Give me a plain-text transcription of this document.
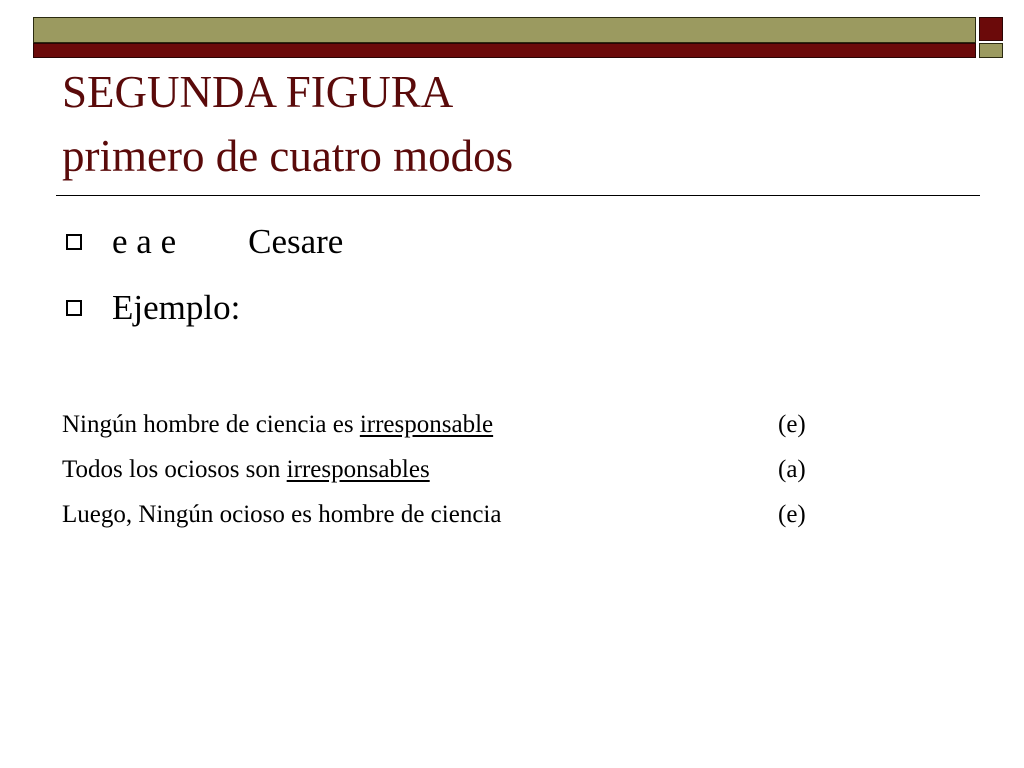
SEGUNDA FIGURA
primero de cuatro modos
e a e Cesare
Ejemplo:
Ningún hombre de ciencia es irresponsable	(e)
Todos los ociosos son irresponsables	(a)
Luego, Ningún ocioso es hombre de ciencia	(e)
